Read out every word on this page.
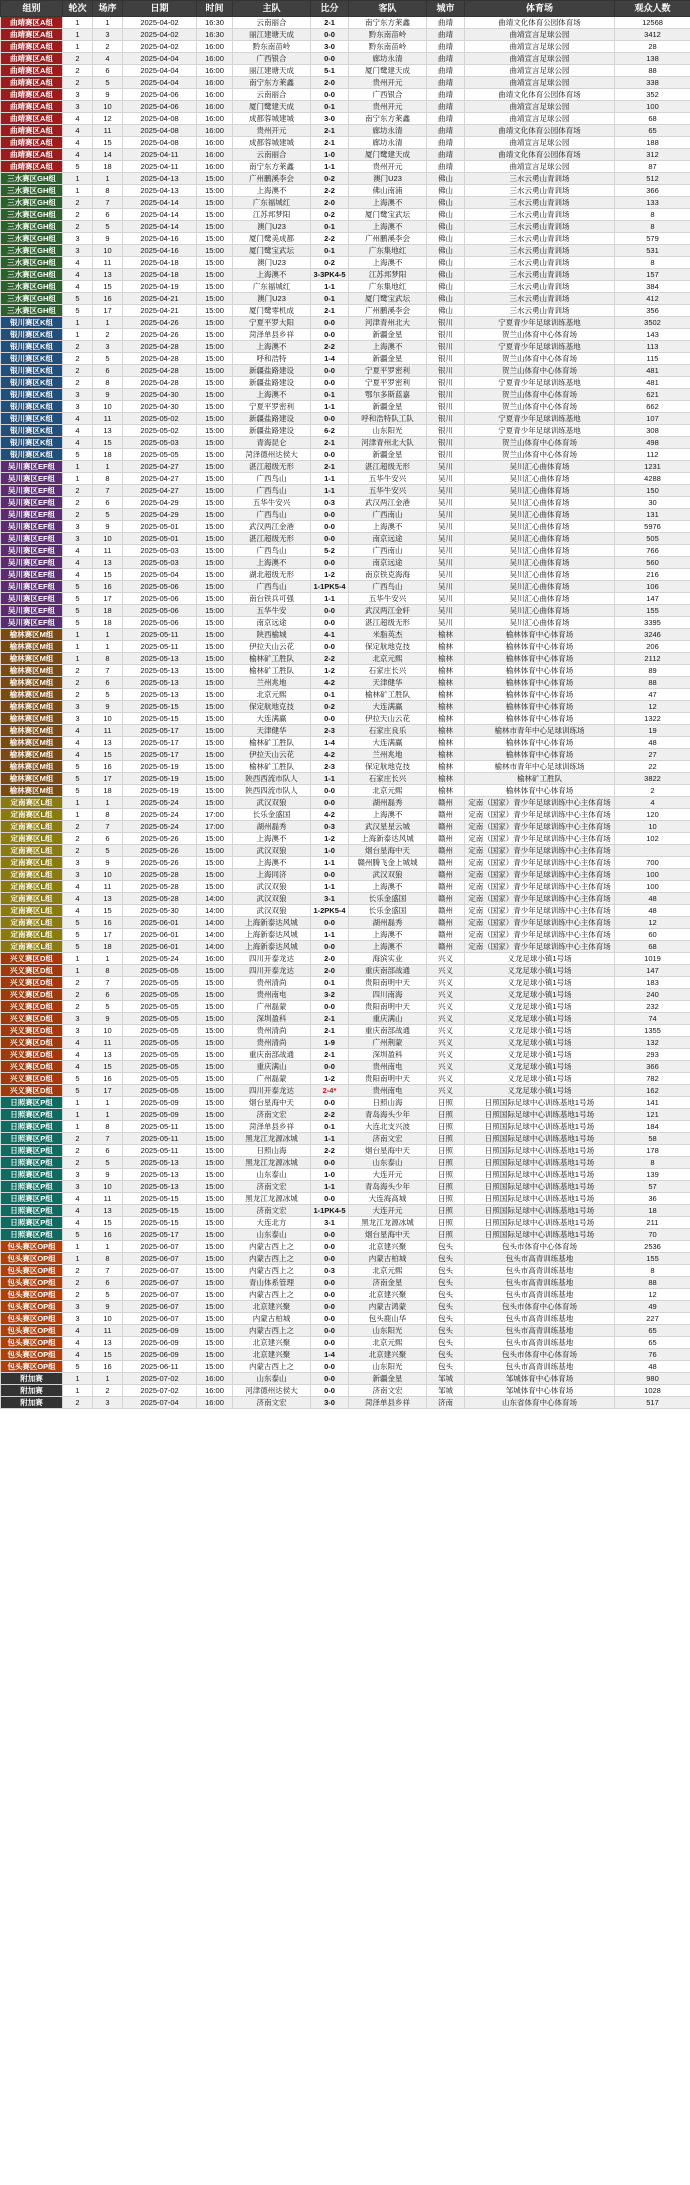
组别	轮次	场序	日期	时间	主队	比分	客队	城市	体育场	观众人数
曲靖赛区A组	1	1	2025-04-02	16:30	云南丽合	2-1	南宁东方莱鑫	曲靖	曲靖文化体育公园体育场	12568
曲靖赛区A组	1	3	2025-04-02	16:30	丽江建塘天成	0-0	黔东南苗岭	曲靖	曲靖宣言足球公园	3412
曲靖赛区A组	1	2	2025-04-02	16:00	黔东南苗岭	3-0	黔东南苗岭	曲靖	曲靖宣言足球公园	28
曲靖赛区A组	2	4	2025-04-04	16:00	广西银合	0-0	廊坊永清	曲靖	曲靖宣言足球公园	138
曲靖赛区A组	2	6	2025-04-04	16:00	丽江建塘天成	5-1	厦门鹭建天成	曲靖	曲靖宣言足球公园	88
曲靖赛区A组	2	5	2025-04-04	16:00	南宁东方莱鑫	2-0	贵州开元	曲靖	曲靖宣言足球公园	338
曲靖赛区A组	3	9	2025-04-06	16:00	云南丽合	0-0	广西银合	曲靖	曲靖文化体育公园体育场	352
曲靖赛区A组	3	10	2025-04-06	16:00	厦门鹭建天成	0-1	贵州开元	曲靖	曲靖宣言足球公园	100
曲靖赛区A组	4	12	2025-04-08	16:00	成都蓉城建城	3-0	南宁东方莱鑫	曲靖	曲靖宣言足球公园	68
曲靖赛区A组	4	11	2025-04-08	16:00	贵州开元	2-1	廊坊永清	曲靖	曲靖文化体育公园体育场	65
曲靖赛区A组	4	15	2025-04-08	16:00	成都蓉城建城	2-1	廊坊永清	曲靖	曲靖宣言足球公园	188
曲靖赛区A组	4	14	2025-04-11	16:00	云南丽合	1-0	厦门鹭建天成	曲靖	曲靖文化体育公园体育场	312
曲靖赛区A组	5	18	2025-04-11	16:00	南宁东方莱鑫	1-1	贵州开元	曲靖	曲靖宣言足球公园	87
三水赛区GH组	1	1	2025-04-13	15:00	广州鹏溪李会	0-2	澳门U23	佛山	三水云勇山青训场	512
三水赛区GH组	1	8	2025-04-13	15:00	上海澳不	2-2	佛山南浦	佛山	三水云勇山青训场	366
三水赛区GH组	2	7	2025-04-14	15:00	广东福城红	2-0	上海澳不	佛山	三水云勇山青训场	133
三水赛区GH组	2	6	2025-04-14	15:00	江苏邦梦阳	0-2	厦门鹭宝武坛	佛山	三水云勇山青训场	8
三水赛区GH组	2	5	2025-04-14	15:00	澳门U23	0-1	上海澳不	佛山	三水云勇山青训场	8
三水赛区GH组	3	9	2025-04-16	15:00	厦门鹭美成都	2-2	广州鹏溪李会	佛山	三水云勇山青训场	579
三水赛区GH组	3	10	2025-04-16	15:00	厦门鹭宝武坛	0-1	广东集地红	佛山	三水云勇山青训场	531
三水赛区GH组	4	11	2025-04-18	15:00	澳门U23	0-2	上海澳不	佛山	三水云勇山青训场	8
三水赛区GH组	4	13	2025-04-18	15:00	上海澳不	3-3PK4-5	江苏邦梦阳	佛山	三水云勇山青训场	157
三水赛区GH组	4	15	2025-04-19	15:00	广东福城红	1-1	广东集地红	佛山	三水云勇山青训场	384
三水赛区GH组	5	16	2025-04-21	15:00	澳门U23	0-1	厦门鹭宝武坛	佛山	三水云勇山青训场	412
三水赛区GH组	5	17	2025-04-21	15:00	厦门鹭零机成	2-1	广州鹏溪李会	佛山	三水云勇山青训场	356
银川赛区K组	1	1	2025-04-26	15:00	宁夏平罗大阳	0-0	河津青州北大	银川	宁夏青少年足球训练基地	3502
银川赛区K组	1	2	2025-04-26	15:00	菏泽单县乡祥	0-0	新疆金星	银川	贺兰山体育中心体育场	143
银川赛区K组	2	3	2025-04-28	15:00	上海澳不	2-2	上海澳不	银川	宁夏青少年足球训练基地	113
银川赛区K组	2	5	2025-04-28	15:00	呼和浩特	1-4	新疆金星	银川	贺兰山体育中心体育场	115
银川赛区K组	2	6	2025-04-28	15:00	新疆盐路建设	0-0	宁夏平罗密利	银川	贺兰山体育中心体育场	481
银川赛区K组	2	8	2025-04-28	15:00	新疆盐路建设	0-0	宁夏平罗密利	银川	宁夏青少年足球训练基地	481
银川赛区K组	3	9	2025-04-30	15:00	上海澳不	0-1	鄂尔多斯蓝嘉	银川	贺兰山体育中心体育场	621
银川赛区K组	3	10	2025-04-30	15:00	宁夏平罗密利	1-1	新疆金星	银川	贺兰山体育中心体育场	662
银川赛区K组	4	11	2025-05-02	15:00	新疆盐路建设	0-0	呼和浩特队工队	银川	宁夏青少年足球训练基地	107
银川赛区K组	4	13	2025-05-02	15:00	新疆盐路建设	6-2	山东阳光	银川	宁夏青少年足球训练基地	308
银川赛区K组	4	15	2025-05-03	15:00	青海昆仑	2-1	河津青州北大队	银川	贺兰山体育中心体育场	498
银川赛区K组	5	18	2025-05-05	15:00	菏泽德州达侯大	0-0	新疆金星	银川	贺兰山体育中心体育场	112
吴川赛区EF组	1	1	2025-04-27	15:00	湛江超级无形	2-1	湛江超级无形	吴川	吴川汇心曲体育场	1231
吴川赛区EF组	1	8	2025-04-27	15:00	广西鸟山	1-1	五华牛安兴	吴川	吴川汇心曲体育场	4288
吴川赛区EF组	2	7	2025-04-27	15:00	广西鸟山	1-1	五华牛安兴	吴川	吴川汇心曲体育场	150
吴川赛区EF组	2	6	2025-04-29	15:00	五华牛安兴	0-3	武汉两江金港	吴川	吴川汇心曲体育场	30
吴川赛区EF组	2	5	2025-04-29	15:00	广西鸟山	0-0	广西南山	吴川	吴川汇心曲体育场	131
吴川赛区EF组	3	9	2025-05-01	15:00	武汉两江金港	0-0	上海澳不	吴川	吴川汇心曲体育场	5976
吴川赛区EF组	3	10	2025-05-01	15:00	湛江超级无形	0-0	南京远途	吴川	吴川汇心曲体育场	505
吴川赛区EF组	4	11	2025-05-03	15:00	广西鸟山	5-2	广西南山	吴川	吴川汇心曲体育场	766
吴川赛区EF组	4	13	2025-05-03	15:00	上海澳不	0-0	南京远途	吴川	吴川汇心曲体育场	560
吴川赛区EF组	4	15	2025-05-04	15:00	湖北超级无形	1-2	南京铁克海海	吴川	吴川汇心曲体育场	216
吴川赛区EF组	5	16	2025-05-06	15:00	广西鸟山	1-1PK5-4	广西鸟山	吴川	吴川汇心曲体育场	106
吴川赛区EF组	5	17	2025-05-06	15:00	南台铁兵可强	1-1	五华牛安兴	吴川	吴川汇心曲体育场	147
吴川赛区EF组	5	18	2025-05-06	15:00	五华牛安	0-0	武汉两江金轩	吴川	吴川汇心曲体育场	155
吴川赛区EF组	5	18	2025-05-06	15:00	南京远途	0-0	湛江超级无形	吴川	吴川汇心曲体育场	3395
榆林赛区M组	1	1	2025-05-11	15:00	陕西榆城	4-1	米脂英杰	榆林	榆林体育中心体育场	3246
榆林赛区M组	1	1	2025-05-11	15:00	伊拉天山云花	0-0	保定航地克技	榆林	榆林体育中心体育场	206
榆林赛区M组	1	8	2025-05-13	15:00	榆林矿工胜队	2-2	北京元熙	榆林	榆林体育中心体育场	2112
榆林赛区M组	2	7	2025-05-13	15:00	榆林矿工胜队	1-2	石家庄长兴	榆林	榆林体育中心体育场	89
榆林赛区M组	2	6	2025-05-13	15:00	兰州兆地	4-2	天津健华	榆林	榆林体育中心体育场	88
榆林赛区M组	2	5	2025-05-13	15:00	北京元熙	0-1	榆林矿工胜队	榆林	榆林体育中心体育场	47
榆林赛区M组	3	9	2025-05-15	15:00	保定航地克技	0-2	大连满赢	榆林	榆林体育中心体育场	12
榆林赛区M组	3	10	2025-05-15	15:00	大连满赢	0-0	伊拉天山云花	榆林	榆林体育中心体育场	1322
榆林赛区M组	4	11	2025-05-17	15:00	天津健华	2-3	石家庄良乐	榆林	榆林市青年中心足球训练场	19
榆林赛区M组	4	13	2025-05-17	15:00	榆林矿工胜队	1-4	大连满赢	榆林	榆林体育中心体育场	48
榆林赛区M组	4	15	2025-05-17	15:00	伊拉天山云花	4-2	兰州兆地	榆林	榆林体育中心体育场	27
榆林赛区M组	5	16	2025-05-19	15:00	榆林矿工胜队	2-3	保定航地克技	榆林	榆林市青年中心足球训练场	22
榆林赛区M组	5	17	2025-05-19	15:00	陕西西流市队人	1-1	石家庄长兴	榆林	榆林矿工胜队	3822
榆林赛区M组	5	18	2025-05-19	15:00	陕西四流市队人	0-0	北京元熙	榆林	榆林体育中心体育场	2
定南赛区L组	1	1	2025-05-24	15:00	武汉双狼	0-0	湖州磊秀	赣州	定南（国家）青少年足球训练中心主体育场	4
定南赛区L组	1	8	2025-05-24	17:00	长乐金盛国	4-2	上海澳不	赣州	定南（国家）青少年足球训练中心主体育场	120
定南赛区L组	2	7	2025-05-24	17:00	湖州磊秀	0-3	武汉星星云城	赣州	定南（国家）青少年足球训练中心主体育场	10
定南赛区L组	2	6	2025-05-26	15:00	上海澳不	1-2	上海新泰达风城	赣州	定南（国家）青少年足球训练中心主体育场	102
定南赛区L组	2	5	2025-05-26	15:00	武汉双狼	1-0	烟台星海中天	赣州	定南（国家）青少年足球训练中心主体育场	
定南赛区L组	3	9	2025-05-26	15:00	上海澳不	1-1	赣州腾飞金上城城	赣州	定南（国家）青少年足球训练中心主体育场	700
定南赛区L组	3	10	2025-05-28	15:00	上海同济	0-0	武汉双狼	赣州	定南（国家）青少年足球训练中心主体育场	100
定南赛区L组	4	11	2025-05-28	15:00	武汉双狼	1-1	上海澳不	赣州	定南（国家）青少年足球训练中心主体育场	100
定南赛区L组	4	13	2025-05-28	14:00	武汉双狼	3-1	长乐金盛国	赣州	定南（国家）青少年足球训练中心主体育场	48
定南赛区L组	4	15	2025-05-30	14:00	武汉双狼	1-2PK5-4	长乐金盛国	赣州	定南（国家）青少年足球训练中心主体育场	48
定南赛区L组	5	16	2025-06-01	14:00	上海新泰达风城	0-0	湖州磊秀	赣州	定南（国家）青少年足球训练中心主体育场	12
定南赛区L组	5	17	2025-06-01	14:00	上海新泰达风城	1-1	上海澳不	赣州	定南（国家）青少年足球训练中心主体育场	60
定南赛区L组	5	18	2025-06-01	14:00	上海新泰达风城	0-0	上海澳不	赣州	定南（国家）青少年足球训练中心主体育场	68
兴义赛区D组	1	1	2025-05-24	16:00	四川开泰龙达	2-0	海滨实业	兴义	义龙足球小镇1号场	1019
兴义赛区D组	1	8	2025-05-05	15:00	四川开泰龙达	2-0	重庆南部战通	兴义	义龙足球小镇1号场	147
兴义赛区D组	2	7	2025-05-05	15:00	贵州清尚	0-1	贵阳南明中天	兴义	义龙足球小镇1号场	183
兴义赛区D组	2	6	2025-05-05	15:00	贵州南电	3-2	四川南海	兴义	义龙足球小镇1号场	240
兴义赛区D组	2	5	2025-05-05	15:00	广州磊蒙	0-0	贵阳南明中天	兴义	义龙足球小镇1号场	232
兴义赛区D组	3	9	2025-05-05	15:00	深圳盈科	2-1	重庆满山	兴义	义龙足球小镇1号场	74
兴义赛区D组	3	10	2025-05-05	15:00	贵州清尚	2-1	重庆南部战通	兴义	义龙足球小镇1号场	1355
兴义赛区D组	4	11	2025-05-05	15:00	贵州清尚	1-9	广州荆蒙	兴义	义龙足球小镇1号场	132
兴义赛区D组	4	13	2025-05-05	15:00	重庆南部战通	2-1	深圳盈科	兴义	义龙足球小镇1号场	293
兴义赛区D组	4	15	2025-05-05	15:00	重庆满山	0-0	贵州南电	兴义	义龙足球小镇1号场	366
兴义赛区D组	5	16	2025-05-05	15:00	广州磊蒙	1-2	贵阳南明中天	兴义	义龙足球小镇1号场	782
兴义赛区D组	5	17	2025-05-05	15:00	四川开泰龙达	2-4*	贵州南电	兴义	义龙足球小镇1号场	162
日照赛区P组	1	1	2025-05-09	15:00	烟台星海中天	0-0	日照山海	日照	日照国际足球中心训练基地1号场	141
日照赛区P组	1	1	2025-05-09	15:00	济南文宏	2-2	青岛海头少年	日照	日照国际足球中心训练基地1号场	121
日照赛区P组	1	8	2025-05-11	15:00	菏泽单县乡祥	0-1	大连北支兴波	日照	日照国际足球中心训练基地1号场	184
日照赛区P组	2	7	2025-05-11	15:00	黑龙江龙源冰城	1-1	济南文宏	日照	日照国际足球中心训练基地1号场	58
日照赛区P组	2	6	2025-05-11	15:00	日照山海	2-2	烟台星海中天	日照	日照国际足球中心训练基地1号场	178
日照赛区P组	2	5	2025-05-13	15:00	黑龙江龙源冰城	0-0	山东泰山	日照	日照国际足球中心训练基地1号场	8
日照赛区P组	3	9	2025-05-13	15:00	山东泰山	1-0	大连开元	日照	日照国际足球中心训练基地1号场	139
日照赛区P组	3	10	2025-05-13	15:00	济南文宏	1-1	青岛海头少年	日照	日照国际足球中心训练基地1号场	57
日照赛区P组	4	11	2025-05-15	15:00	黑龙江龙源冰城	0-0	大连海高城	日照	日照国际足球中心训练基地1号场	36
日照赛区P组	4	13	2025-05-15	15:00	济南文宏	1-1PK4-5	大连开元	日照	日照国际足球中心训练基地1号场	18
日照赛区P组	4	15	2025-05-15	15:00	大连北方	3-1	黑龙江龙源冰城	日照	日照国际足球中心训练基地1号场	211
日照赛区P组	5	16	2025-05-17	15:00	山东泰山	0-0	烟台星海中天	日照	日照国际足球中心训练基地1号场	70
包头赛区OP组	1	1	2025-06-07	15:00	内蒙古西上之	0-0	北京建兴聚	包头	包头市体育中心体育场	2536
包头赛区OP组	1	8	2025-06-07	15:00	内蒙古西上之	0-0	内蒙古柏城	包头	包头市高青训练基地	155
包头赛区OP组	2	7	2025-06-07	15:00	内蒙古西上之	0-3	北京元熙	包头	包头市高青训练基地	8
包头赛区OP组	2	6	2025-06-07	15:00	青山体系管理	0-0	济南金星	包头	包头市高青训练基地	88
包头赛区OP组	2	5	2025-06-07	15:00	内蒙古西上之	0-0	北京建兴聚	包头	包头市高青训练基地	12
包头赛区OP组	3	9	2025-06-07	15:00	北京建兴聚	0-0	内蒙古鸿蒙	包头	包头市体育中心体育场	49
包头赛区OP组	3	10	2025-06-07	15:00	内蒙古柏城	0-0	包头鹿山华	包头	包头市高青训练基地	227
包头赛区OP组	4	11	2025-06-09	15:00	内蒙古西上之	0-0	山东阳光	包头	包头市高青训练基地	65
包头赛区OP组	4	13	2025-06-09	15:00	北京建兴聚	0-0	北京元熙	包头	包头市高青训练基地	65
包头赛区OP组	4	15	2025-06-09	15:00	北京建兴聚	1-4	北京建兴聚	包头	包头市体育中心体育场	76
包头赛区OP组	5	16	2025-06-11	15:00	内蒙古西上之	0-0	山东阳光	包头	包头市高青训练基地	48
附加赛	1	1	2025-07-02	16:00	山东泰山	0-0	新疆金星	邹城	邹城体育中心体育场	980
附加赛	1	2	2025-07-02	16:00	河津德州达侯大	0-0	济南文宏	邹城	邹城体育中心体育场	1028
附加赛	2	3	2025-07-04	16:00	济南文宏	3-0	菏泽单县乡祥	济南	山东省体育中心体育场	517
